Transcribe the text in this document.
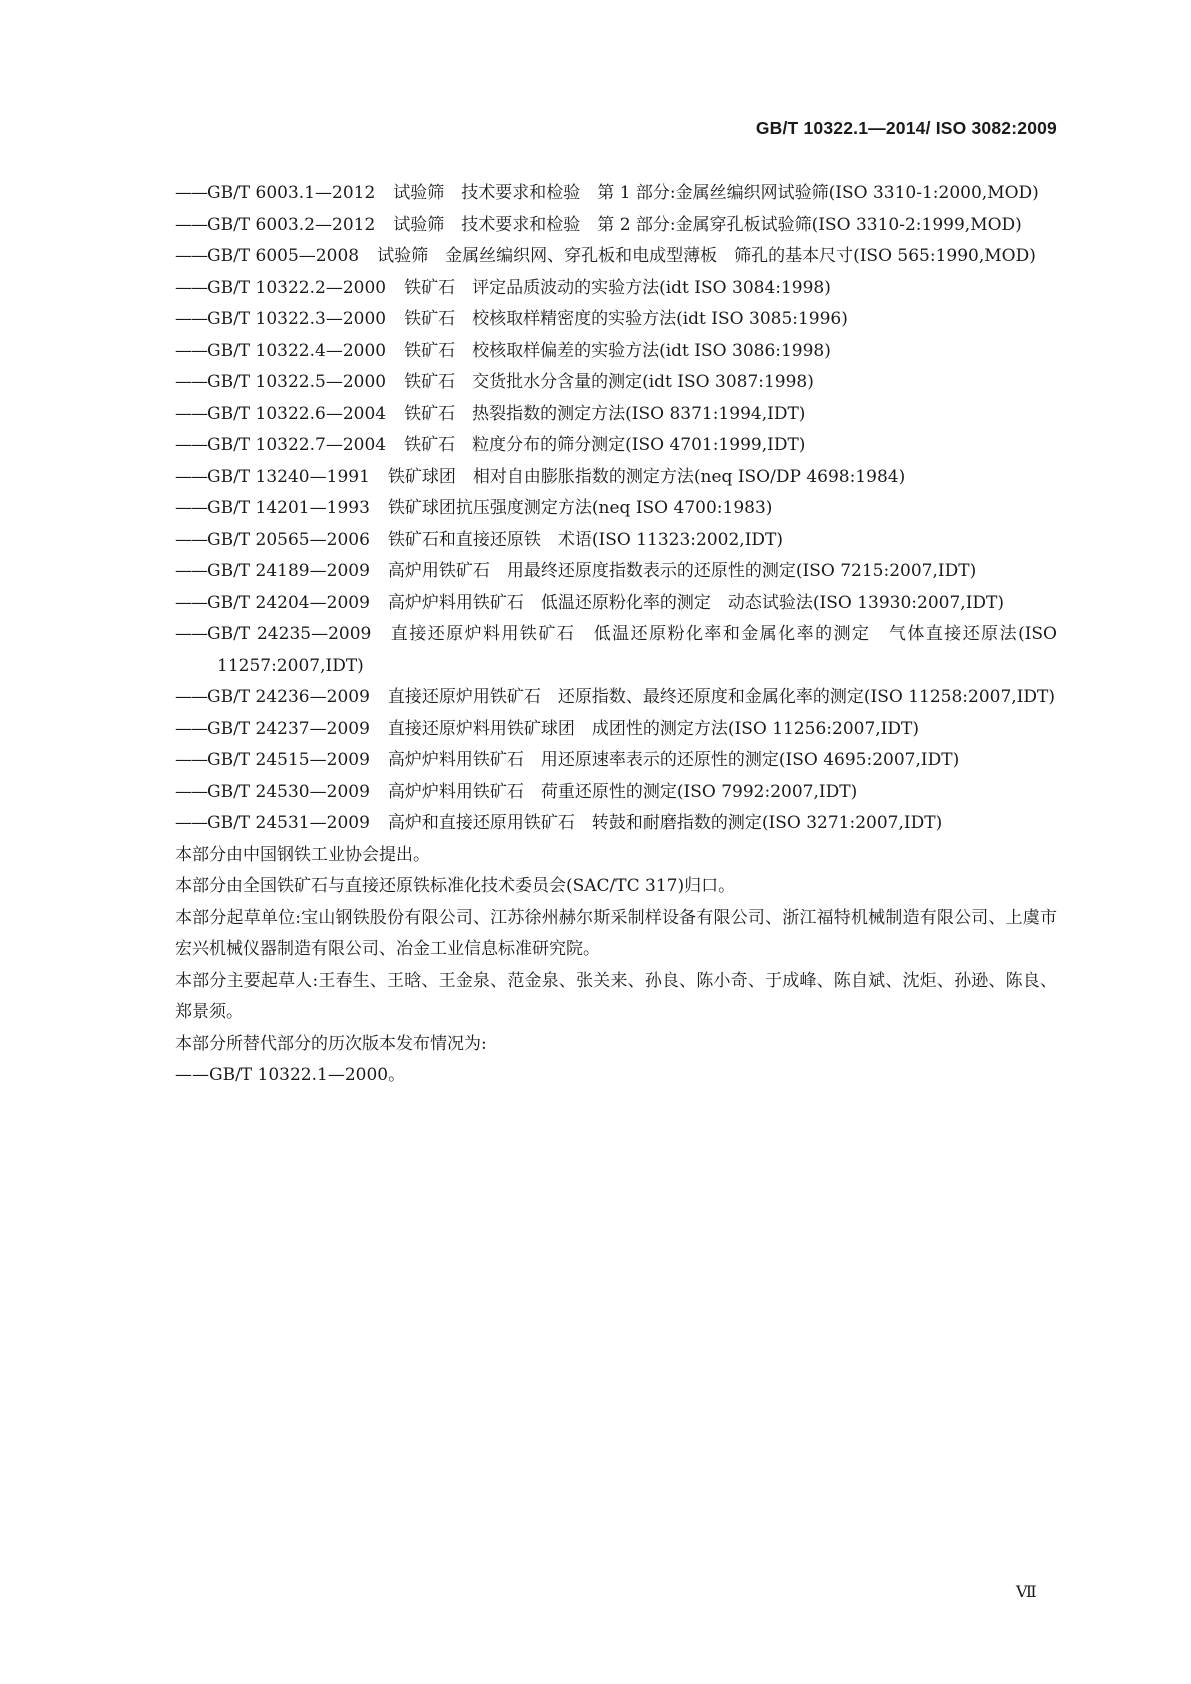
GB/T 10322.1—2014/ ISO 3082:2009
——GB/T 6003.1—2012 试验筛　技术要求和检验　第 1 部分:金属丝编织网试验筛(ISO 3310-1:2000,MOD)
——GB/T 6003.2—2012 试验筛　技术要求和检验　第 2 部分:金属穿孔板试验筛(ISO 3310-2:1999,MOD)
——GB/T 6005—2008 试验筛　金属丝编织网、穿孔板和电成型薄板　筛孔的基本尺寸(ISO 565:1990,MOD)
——GB/T 10322.2—2000 铁矿石　评定品质波动的实验方法(idt ISO 3084:1998)
——GB/T 10322.3—2000 铁矿石　校核取样精密度的实验方法(idt ISO 3085:1996)
——GB/T 10322.4—2000 铁矿石　校核取样偏差的实验方法(idt ISO 3086:1998)
——GB/T 10322.5—2000 铁矿石　交货批水分含量的测定(idt ISO 3087:1998)
——GB/T 10322.6—2004 铁矿石　热裂指数的测定方法(ISO 8371:1994,IDT)
——GB/T 10322.7—2004 铁矿石　粒度分布的筛分测定(ISO 4701:1999,IDT)
——GB/T 13240—1991 铁矿球团　相对自由膨胀指数的测定方法(neq ISO/DP 4698:1984)
——GB/T 14201—1993 铁矿球团抗压强度测定方法(neq ISO 4700:1983)
——GB/T 20565—2006 铁矿石和直接还原铁　术语(ISO 11323:2002,IDT)
——GB/T 24189—2009 高炉用铁矿石　用最终还原度指数表示的还原性的测定(ISO 7215:2007,IDT)
——GB/T 24204—2009 高炉炉料用铁矿石　低温还原粉化率的测定　动态试验法(ISO 13930:2007,IDT)
——GB/T 24235—2009 直接还原炉料用铁矿石　低温还原粉化率和金属化率的测定　气体直接还原法(ISO 11257:2007,IDT)
——GB/T 24236—2009 直接还原炉用铁矿石　还原指数、最终还原度和金属化率的测定(ISO 11258:2007,IDT)
——GB/T 24237—2009 直接还原炉料用铁矿球团　成团性的测定方法(ISO 11256:2007,IDT)
——GB/T 24515—2009 高炉炉料用铁矿石　用还原速率表示的还原性的测定(ISO 4695:2007,IDT)
——GB/T 24530—2009 高炉炉料用铁矿石　荷重还原性的测定(ISO 7992:2007,IDT)
——GB/T 24531—2009 高炉和直接还原用铁矿石　转鼓和耐磨指数的测定(ISO 3271:2007,IDT)
本部分由中国钢铁工业协会提出。
本部分由全国铁矿石与直接还原铁标准化技术委员会(SAC/TC 317)归口。
本部分起草单位:宝山钢铁股份有限公司、江苏徐州赫尔斯采制样设备有限公司、浙江福特机械制造有限公司、上虞市宏兴机械仪器制造有限公司、冶金工业信息标准研究院。
本部分主要起草人:王春生、王晗、王金泉、范金泉、张关来、孙良、陈小奇、于成峰、陈自斌、沈炬、孙逊、陈良、郑景须。
本部分所替代部分的历次版本发布情况为:
——GB/T 10322.1—2000。
Ⅶ
